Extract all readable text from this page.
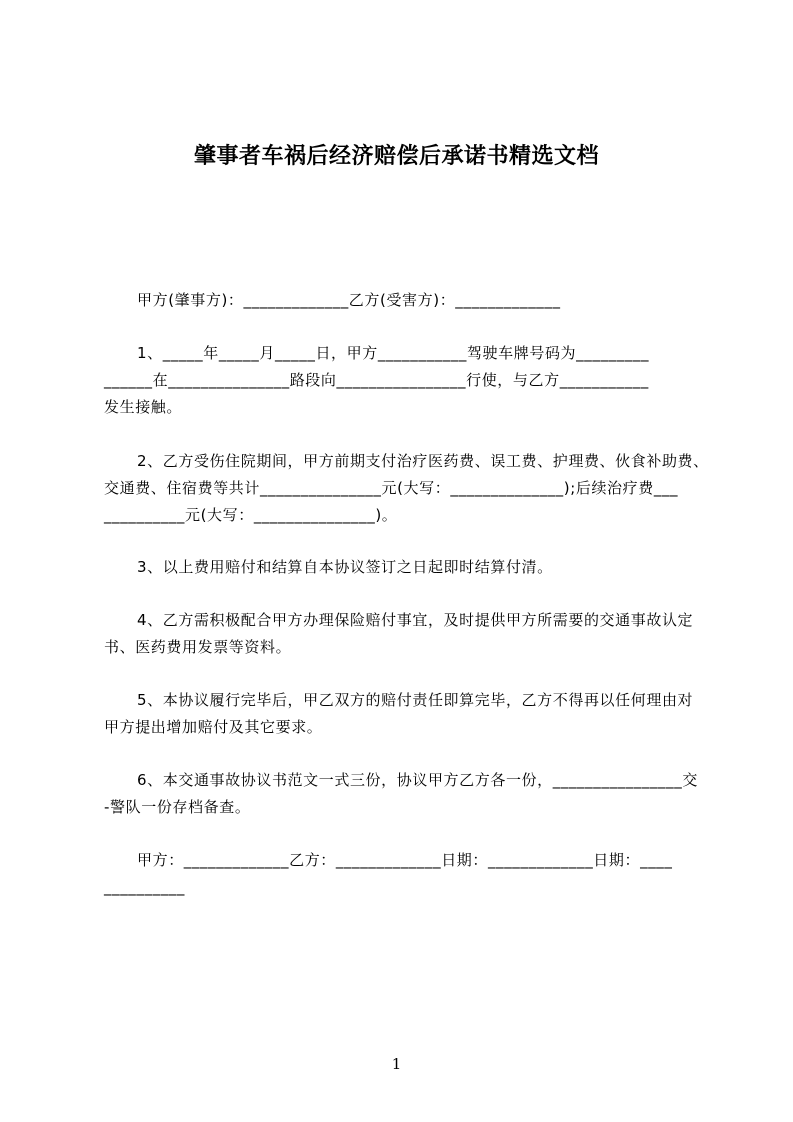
肇事者车祸后经济赔偿后承诺书精选文档
甲方(肇事方)：_____________乙方(受害方)：_____________
1、_____年_____月_____日，甲方___________驾驶车牌号码为_________
______在_______________路段向________________行使，与乙方___________
发生接触。
2、乙方受伤住院期间，甲方前期支付治疗医药费、误工费、护理费、伙食补助费、
交通费、住宿费等共计_______________元(大写：______________);后续治疗费___
__________元(大写：_______________)。
3、以上费用赔付和结算自本协议签订之日起即时结算付清。
4、乙方需积极配合甲方办理保险赔付事宜，及时提供甲方所需要的交通事故认定
书、医药费用发票等资料。
5、本协议履行完毕后，甲乙双方的赔付责任即算完毕，乙方不得再以任何理由对
甲方提出增加赔付及其它要求。
6、本交通事故协议书范文一式三份，协议甲方乙方各一份，________________交
-警队一份存档备查。
甲方：_____________乙方：_____________日期：_____________日期：____
__________
1
